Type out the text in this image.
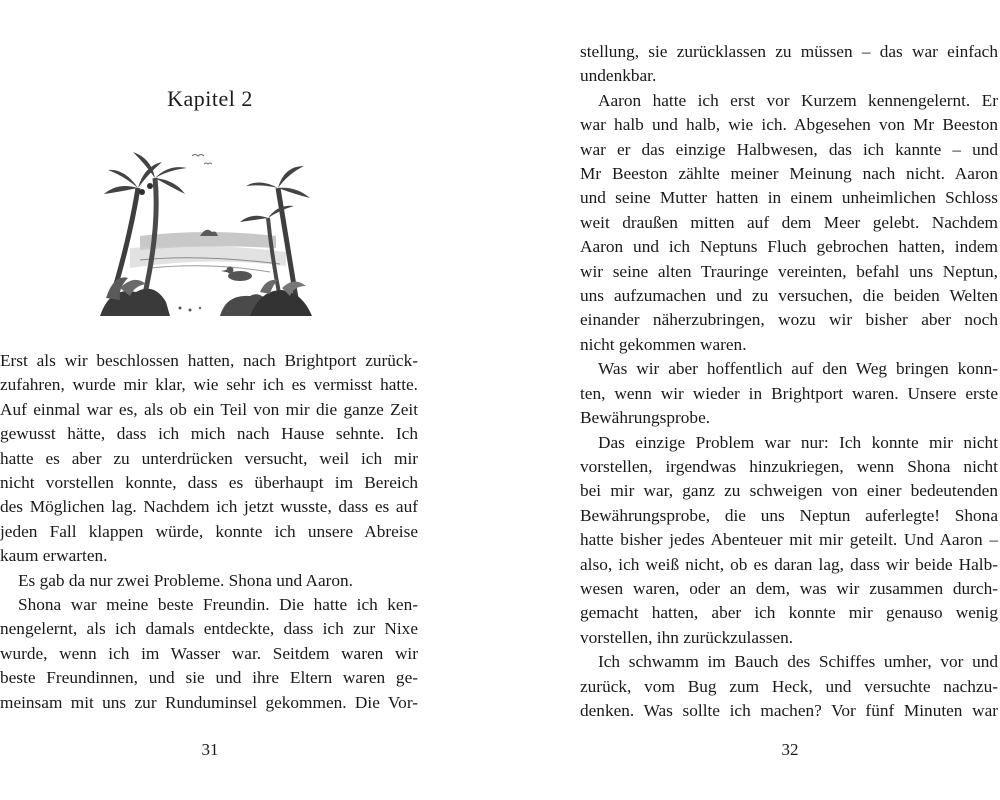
Kapitel 2

Erst als wir beschlossen hatten, nach Brightport zurück-
zufahren, wurde mir klar, wie sehr ich es vermisst hatte.
Auf einmal war es, als ob ein Teil von mir die ganze Zeit
gewusst hätte, dass ich mich nach Hause sehnte. Ich
hatte es aber zu unterdrücken versucht, weil ich mir
nicht vorstellen konnte, dass es überhaupt im Bereich
des Möglichen lag. Nachdem ich jetzt wusste, dass es auf
jeden Fall klappen würde, konnte ich unsere Abreise
kaum erwarten.

Es gab da nur zwei Probleme. Shona und Aaron.

Shona war meine beste Freundin. Die hatte ich ken-
nengelernt, als ich damals entdeckte, dass ich zur Nixe
wurde, wenn ich im Wasser war. Seitdem waren wir
beste Freundinnen, und sie und ihre Eltern waren ge-
meinsam mit uns zur Runduminsel gekommen. Die Vor-

31

stellung, sie zurücklassen zu müssen – das war einfach
undenkbar.

Aaron hatte ich erst vor Kurzem kennengelernt. Er
war halb und halb, wie ich. Abgesehen von Mr Beeston
war er das einzige Halbwesen, das ich kannte – und
Mr Beeston zählte meiner Meinung nach nicht. Aaron
und seine Mutter hatten in einem unheimlichen Schloss
weit draußen mitten auf dem Meer gelebt. Nachdem
Aaron und ich Neptuns Fluch gebrochen hatten, indem
wir seine alten Trauringe vereinten, befahl uns Neptun,
uns aufzumachen und zu versuchen, die beiden Welten
einander näherzubringen, wozu wir bisher aber noch
nicht gekommen waren.

Was wir aber hoffentlich auf den Weg bringen konn-
ten, wenn wir wieder in Brightport waren. Unsere erste
Bewährungsprobe.

Das einzige Problem war nur: Ich konnte mir nicht
vorstellen, irgendwas hinzukriegen, wenn Shona nicht
bei mir war, ganz zu schweigen von einer bedeutenden
Bewährungsprobe, die uns Neptun auferlegte! Shona
hatte bisher jedes Abenteuer mit mir geteilt. Und Aaron –
also, ich weiß nicht, ob es daran lag, dass wir beide Halb-
wesen waren, oder an dem, was wir zusammen durch-
gemacht hatten, aber ich konnte mir genauso wenig
vorstellen, ihn zurückzulassen.

Ich schwamm im Bauch des Schiffes umher, vor und
zurück, vom Bug zum Heck, und versuchte nachzu-
denken. Was sollte ich machen? Vor fünf Minuten war

32
